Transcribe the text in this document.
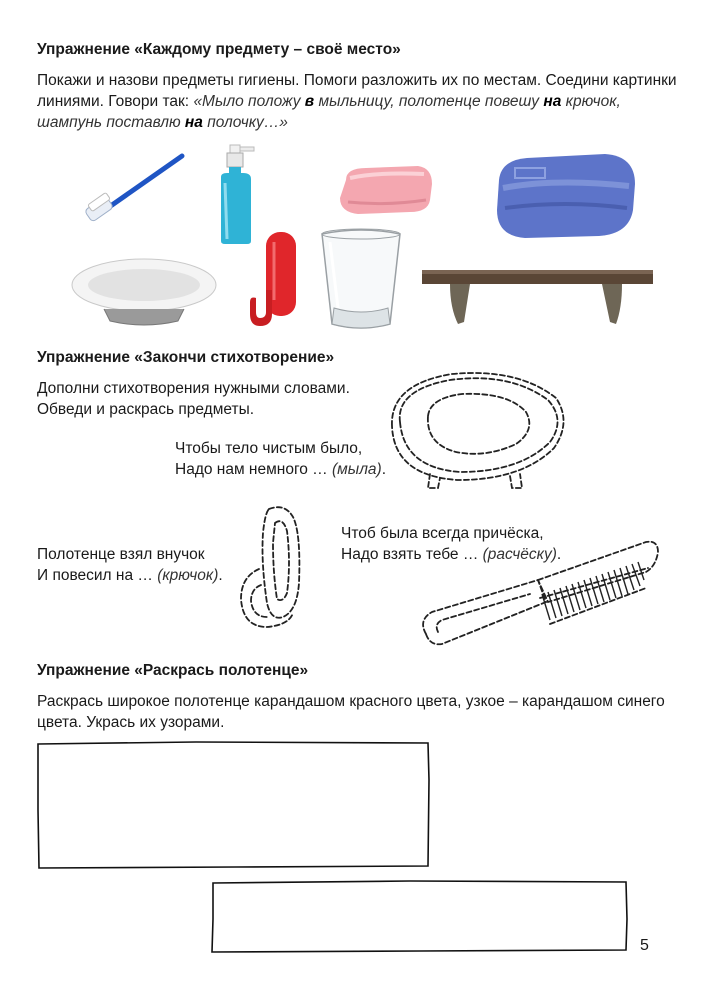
Упражнение «Каждому предмету – своё место»
Покажи и назови предметы гигиены. Помоги разложить их по местам. Соедини картинки линиями. Говори так: «Мыло положу в мыльницу, полотенце повешу на крючок, шампунь поставлю на полочку…»
Упражнение «Закончи стихотворение»
Дополни стихотворения нужными словами.
Обведи и раскрась предметы.
Чтобы тело чистым было,
Надо нам немного … (мыла).
Полотенце взял внучок
И повесил на … (крючок).
Чтоб была всегда причёска,
Надо взять тебе … (расчёску).
Упражнение «Раскрась полотенце»
Раскрась широкое полотенце карандашом красного цвета, узкое – карандашом синего цвета. Укрась их узорами.
5
